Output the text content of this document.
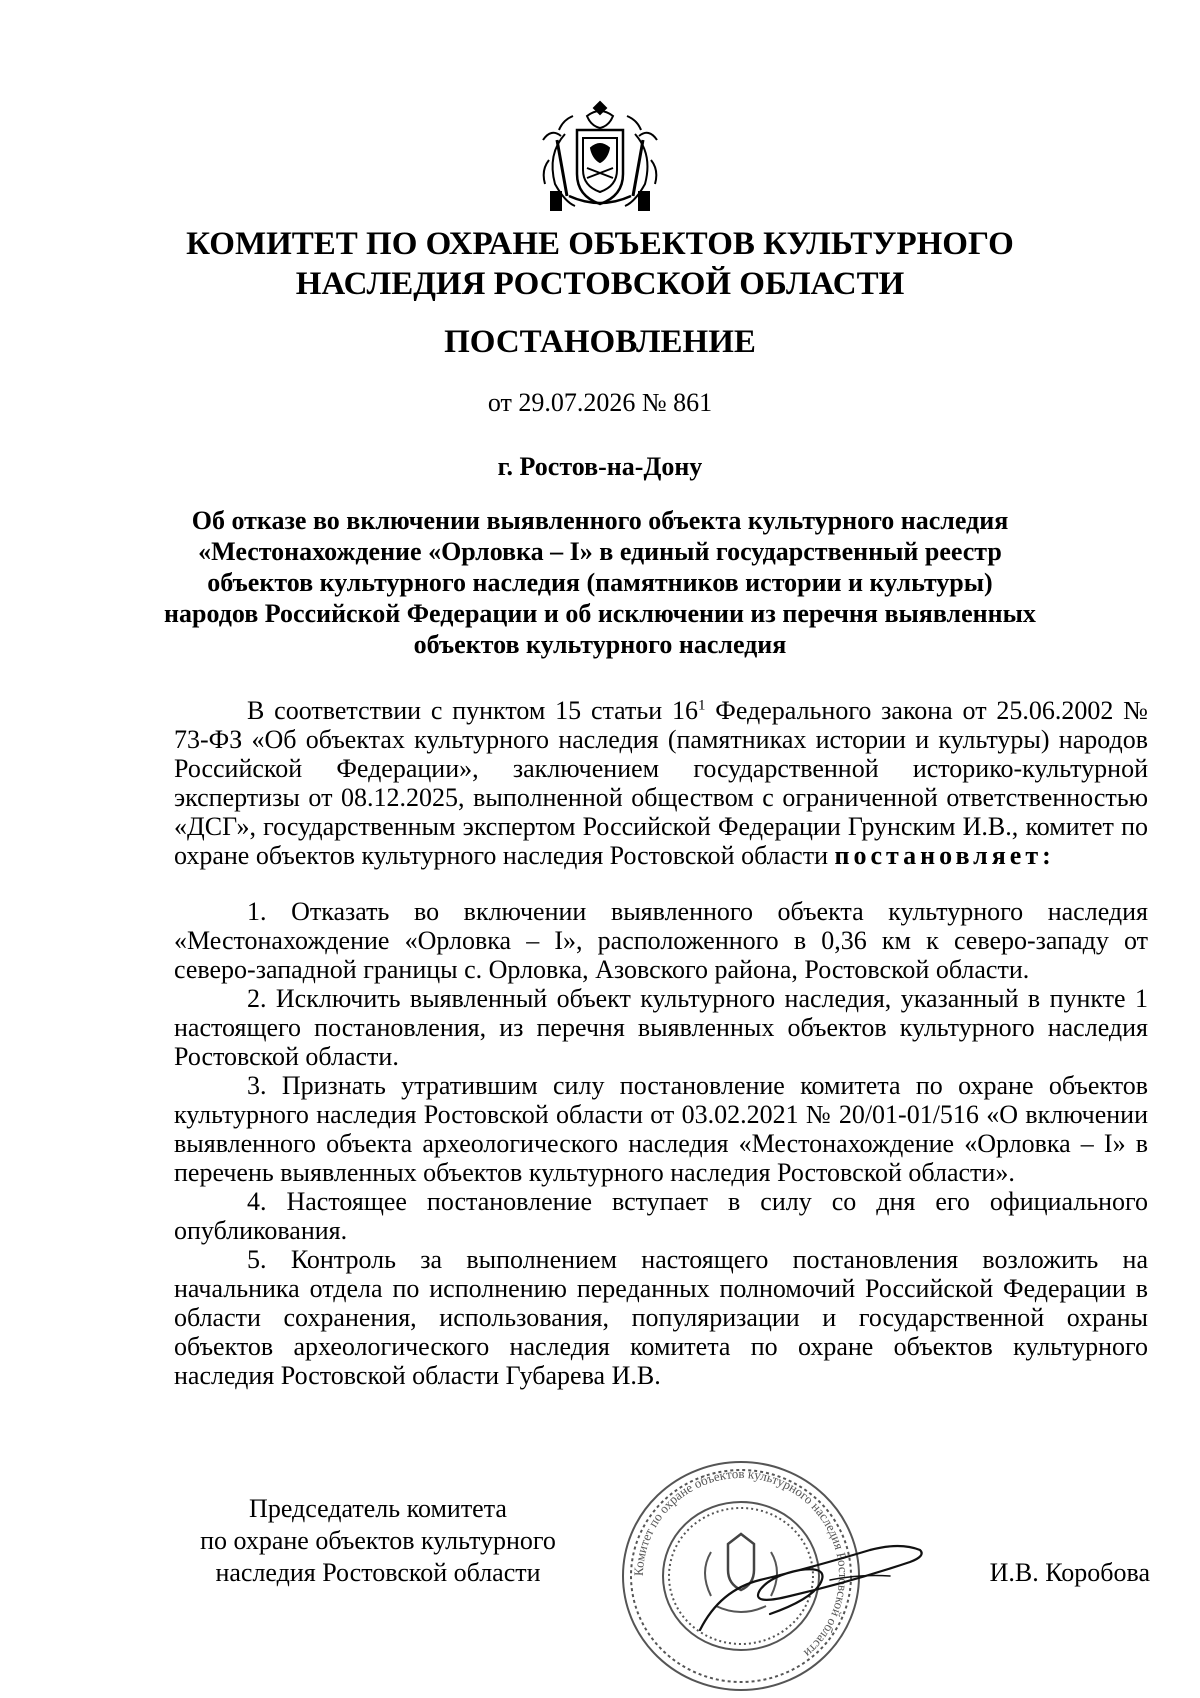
КОМИТЕТ ПО ОХРАНЕ ОБЪЕКТОВ КУЛЬТУРНОГО
НАСЛЕДИЯ РОСТОВСКОЙ ОБЛАСТИ
ПОСТАНОВЛЕНИЕ
от 29.07.2026 № 861
г. Ростов-на-Дону
Об отказе во включении выявленного объекта культурного наследия
«Местонахождение «Орловка – I» в единый государственный реестр
объектов культурного наследия (памятников истории и культуры)
народов Российской Федерации и об исключении из перечня выявленных
объектов культурного наследия

В соответствии с пунктом 15 статьи $16^1$ Федерального закона от 25.06.2002 № 73-ФЗ «Об объектах культурного наследия (памятниках истории и культуры) народов Российской Федерации», заключением государственной историко-культурной экспертизы от 08.12.2025, выполненной обществом с ограниченной ответственностью «ДСГ», государственным экспертом Российской Федерации Грунским И.В., комитет по охране объектов культурного наследия Ростовской области постановляет:

1. Отказать во включении выявленного объекта культурного наследия «Местонахождение «Орловка – I», расположенного в 0,36 км к северо-западу от северо-западной границы с. Орловка, Азовского района, Ростовской области.

2. Исключить выявленный объект культурного наследия, указанный в пункте 1 настоящего постановления, из перечня выявленных объектов культурного наследия Ростовской области.

3. Признать утратившим силу постановление комитета по охране объектов культурного наследия Ростовской области от 03.02.2021 № 20/01-01/516 «О включении выявленного объекта археологического наследия «Местонахождение «Орловка – I» в перечень выявленных объектов культурного наследия Ростовской области».

4. Настоящее постановление вступает в силу со дня его официального опубликования.

5. Контроль за выполнением настоящего постановления возложить на начальника отдела по исполнению переданных полномочий Российской Федерации в области сохранения, использования, популяризации и государственной охраны объектов археологического наследия комитета по охране объектов культурного наследия Ростовской области Губарева И.В.

Председатель комитета
по охране объектов культурного
наследия Ростовской области	Комитет по охране объектов культурного наследия Ростовской области
И.В. Коробова
